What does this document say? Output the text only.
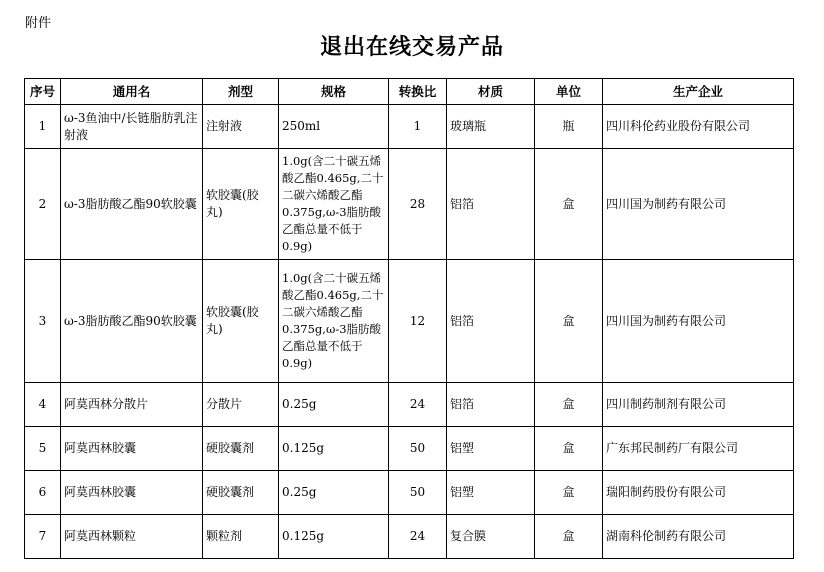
附件
退出在线交易产品
序号	通用名	剂型	规格	转换比	材质	单位	生产企业
1	ω-3鱼油中/长链脂肪乳注射液	注射液	250ml	1	玻璃瓶	瓶	四川科伦药业股份有限公司
2	ω-3脂肪酸乙酯90软胶囊	软胶囊(胶丸)	1.0g(含二十碳五烯酸乙酯0.465g,二十二碳六烯酸乙酯0.375g,ω-3脂肪酸乙酯总量不低于0.9g)	28	铝箔	盒	四川国为制药有限公司
3	ω-3脂肪酸乙酯90软胶囊	软胶囊(胶丸)	1.0g(含二十碳五烯酸乙酯0.465g,二十二碳六烯酸乙酯0.375g,ω-3脂肪酸乙酯总量不低于0.9g)	12	铝箔	盒	四川国为制药有限公司
4	阿莫西林分散片	分散片	0.25g	24	铝箔	盒	四川制药制剂有限公司
5	阿莫西林胶囊	硬胶囊剂	0.125g	50	铝塑	盒	广东邦民制药厂有限公司
6	阿莫西林胶囊	硬胶囊剂	0.25g	50	铝塑	盒	瑞阳制药股份有限公司
7	阿莫西林颗粒	颗粒剂	0.125g	24	复合膜	盒	湖南科伦制药有限公司
